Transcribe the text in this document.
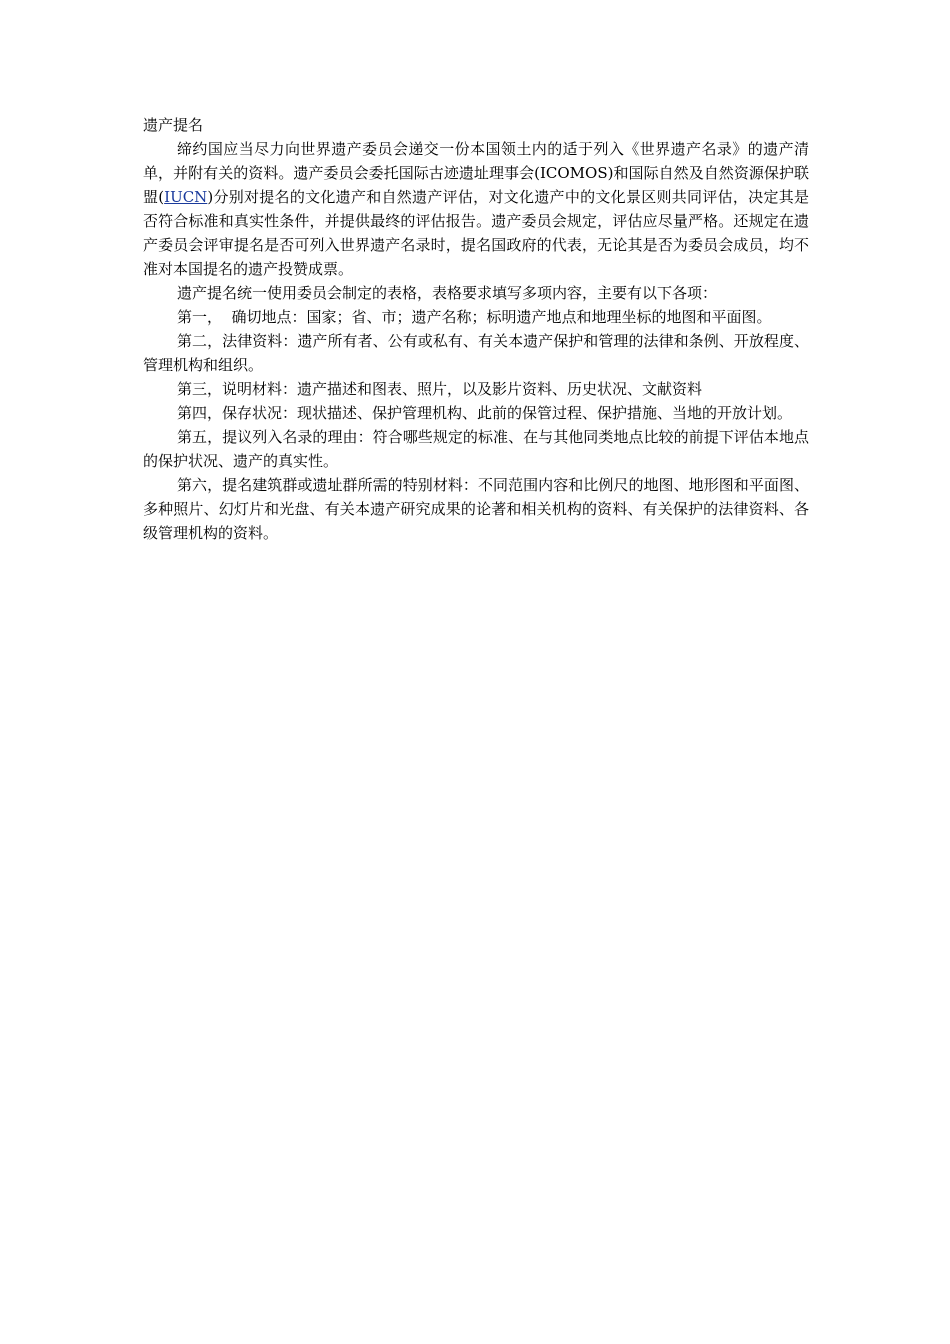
遗产提名

缔约国应当尽力向世界遗产委员会递交一份本国领土内的适于列入《世界遗产名录》的遗产清单，并附有关的资料。遗产委员会委托国际古迹遗址理事会(ICOMOS)和国际自然及自然资源保护联盟(IUCN)分别对提名的文化遗产和自然遗产评估，对文化遗产中的文化景区则共同评估，决定其是否符合标准和真实性条件，并提供最终的评估报告。遗产委员会规定，评估应尽量严格。还规定在遗产委员会评审提名是否可列入世界遗产名录时，提名国政府的代表，无论其是否为委员会成员，均不准对本国提名的遗产投赞成票。

遗产提名统一使用委员会制定的表格，表格要求填写多项内容，主要有以下各项：

第一，  确切地点：国家；省、市；遗产名称；标明遗产地点和地理坐标的地图和平面图。

第二，法律资料：遗产所有者、公有或私有、有关本遗产保护和管理的法律和条例、开放程度、管理机构和组织。

第三，说明材料：遗产描述和图表、照片，以及影片资料、历史状况、文献资料

第四，保存状况：现状描述、保护管理机构、此前的保管过程、保护措施、当地的开放计划。

第五，提议列入名录的理由：符合哪些规定的标准、在与其他同类地点比较的前提下评估本地点的保护状况、遗产的真实性。

第六，提名建筑群或遗址群所需的特别材料：不同范围内容和比例尺的地图、地形图和平面图、多种照片、幻灯片和光盘、有关本遗产研究成果的论著和相关机构的资料、有关保护的法律资料、各级管理机构的资料。
